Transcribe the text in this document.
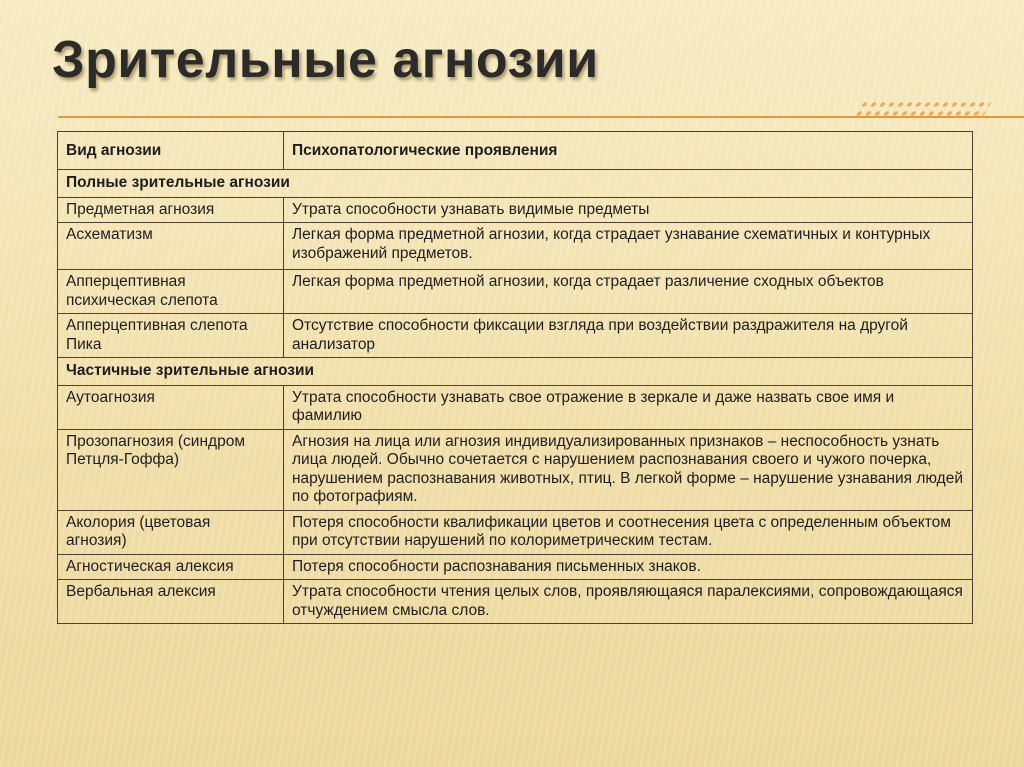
Зрительные агнозии
Вид агнозии	Психопатологические проявления
Полные зрительные агнозии	
Предметная агнозия	Утрата способности узнавать видимые предметы
Асхематизм	Легкая форма предметной агнозии, когда страдает узнавание схематичных и контурных изображений предметов.
Апперцептивная психическая слепота	Легкая форма предметной агнозии, когда страдает различение сходных объектов
Апперцептивная слепота Пика	Отсутствие способности фиксации взгляда при воздействии раздражителя на другой анализатор
Частичные зрительные агнозии	
Аутоагнозия	Утрата способности узнавать свое отражение в зеркале и даже назвать свое имя и фамилию
Прозопагнозия (синдром Петцля-Гоффа)	Агнозия на лица или агнозия индивидуализированных признаков – неспособность узнать лица людей. Обычно сочетается с нарушением распознавания своего и чужого почерка, нарушением распознавания животных, птиц. В легкой форме – нарушение узнавания людей по фотографиям.
Аколория (цветовая агнозия)	Потеря способности квалификации цветов и соотнесения цвета с определенным объектом при отсутствии нарушений по колориметрическим тестам.
Агностическая алексия	Потеря способности распознавания письменных знаков.
Вербальная алексия	Утрата способности чтения целых слов, проявляющаяся паралексиями, сопровождающаяся отчуждением смысла слов.
